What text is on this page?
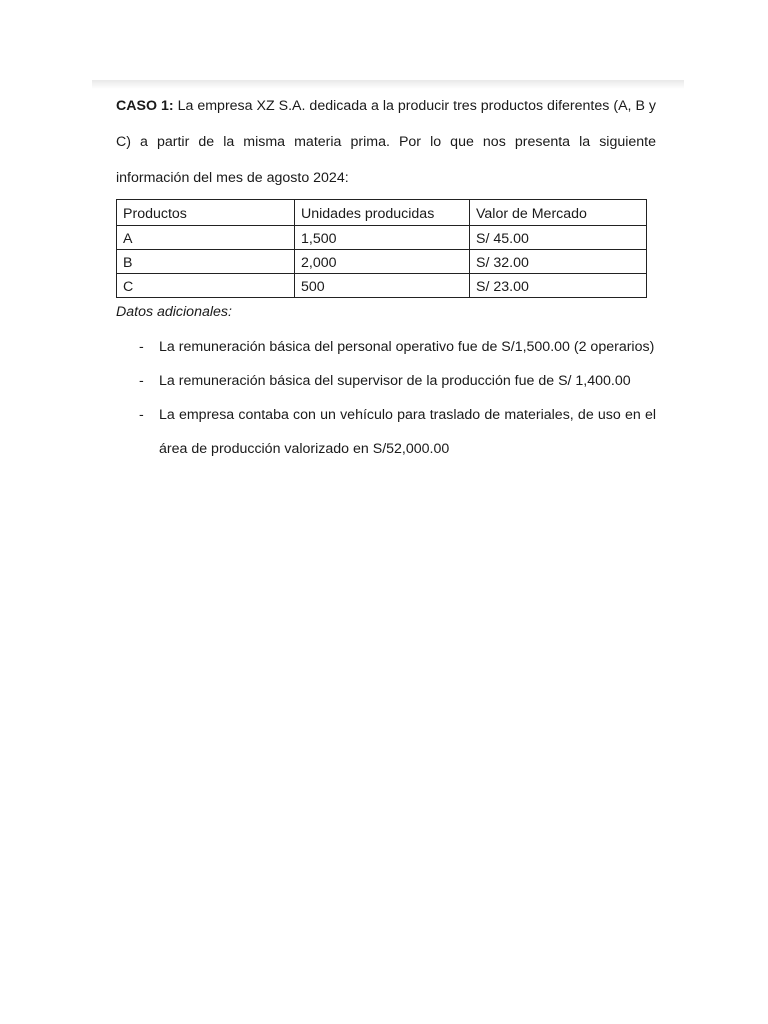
CASO 1: La empresa XZ S.A. dedicada a la producir tres productos diferentes (A, B y C) a partir de la misma materia prima. Por lo que nos presenta la siguiente información del mes de agosto 2024:

Productos	Unidades producidas	Valor de Mercado
A	1,500	S/ 45.00
B	2,000	S/ 32.00
C	500	S/ 23.00

Datos adicionales:

- La remuneración básica del personal operativo fue de S/1,500.00 (2 operarios)
- La remuneración básica del supervisor de la producción fue de S/ 1,400.00
- La empresa contaba con un vehículo para traslado de materiales, de uso en el área de producción valorizado en S/52,000.00
